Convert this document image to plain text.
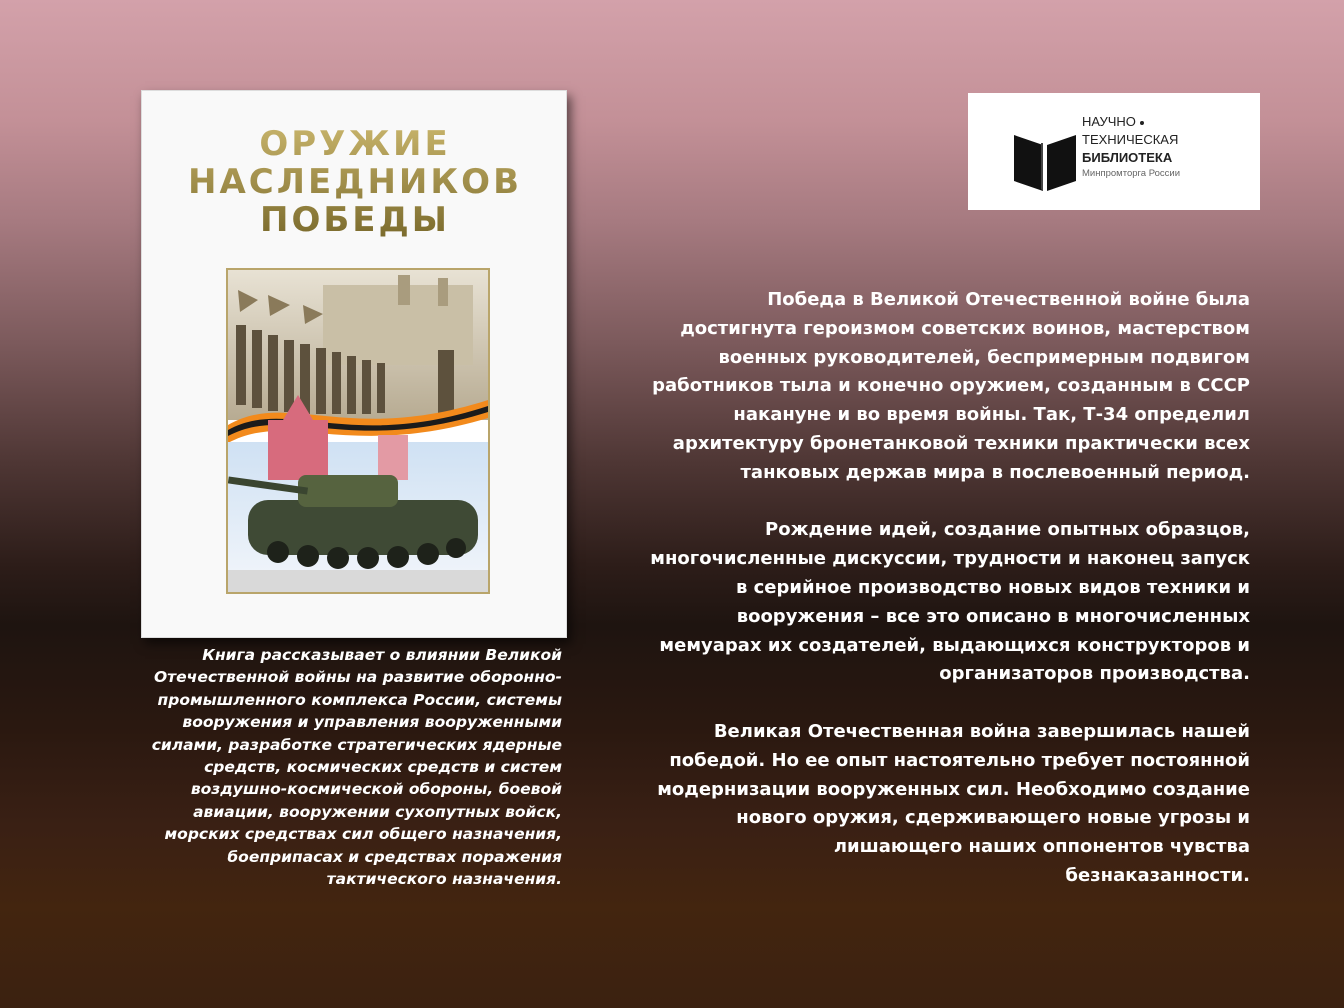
ОРУЖИЕ
НАСЛЕДНИКОВ
ПОБЕДЫ
Книга рассказывает о влиянии Великой Отечественной войны на развитие оборонно-промышленного комплекса России, системы вооружения и управления вооруженными силами, разработке стратегических ядерные средств, космических средств и систем воздушно-космической обороны, боевой авиации, вооружении сухопутных войск, морских средствах сил общего назначения, боеприпасах и средствах поражения тактического назначения.
НАУЧНО
ТЕХНИЧЕСКАЯ
БИБЛИОТЕКА
Минпромторга России

Победа в Великой Отечественной войне была достигнута героизмом советских воинов, мастерством военных руководителей, беспримерным подвигом работников тыла и конечно оружием, созданным в СССР накануне и во время войны. Так, Т-34 определил архитектуру бронетанковой техники практически всех танковых держав мира в послевоенный период.

Рождение идей, создание опытных образцов, многочисленные дискуссии, трудности и наконец запуск в серийное производство новых видов техники и вооружения – все это описано в многочисленных мемуарах их создателей, выдающихся конструкторов и организаторов производства.

Великая Отечественная война завершилась нашей победой. Но ее опыт настоятельно требует постоянной модернизации вооруженных сил. Необходимо создание нового оружия, сдерживающего новые угрозы и лишающего наших оппонентов чувства безнаказанности.
